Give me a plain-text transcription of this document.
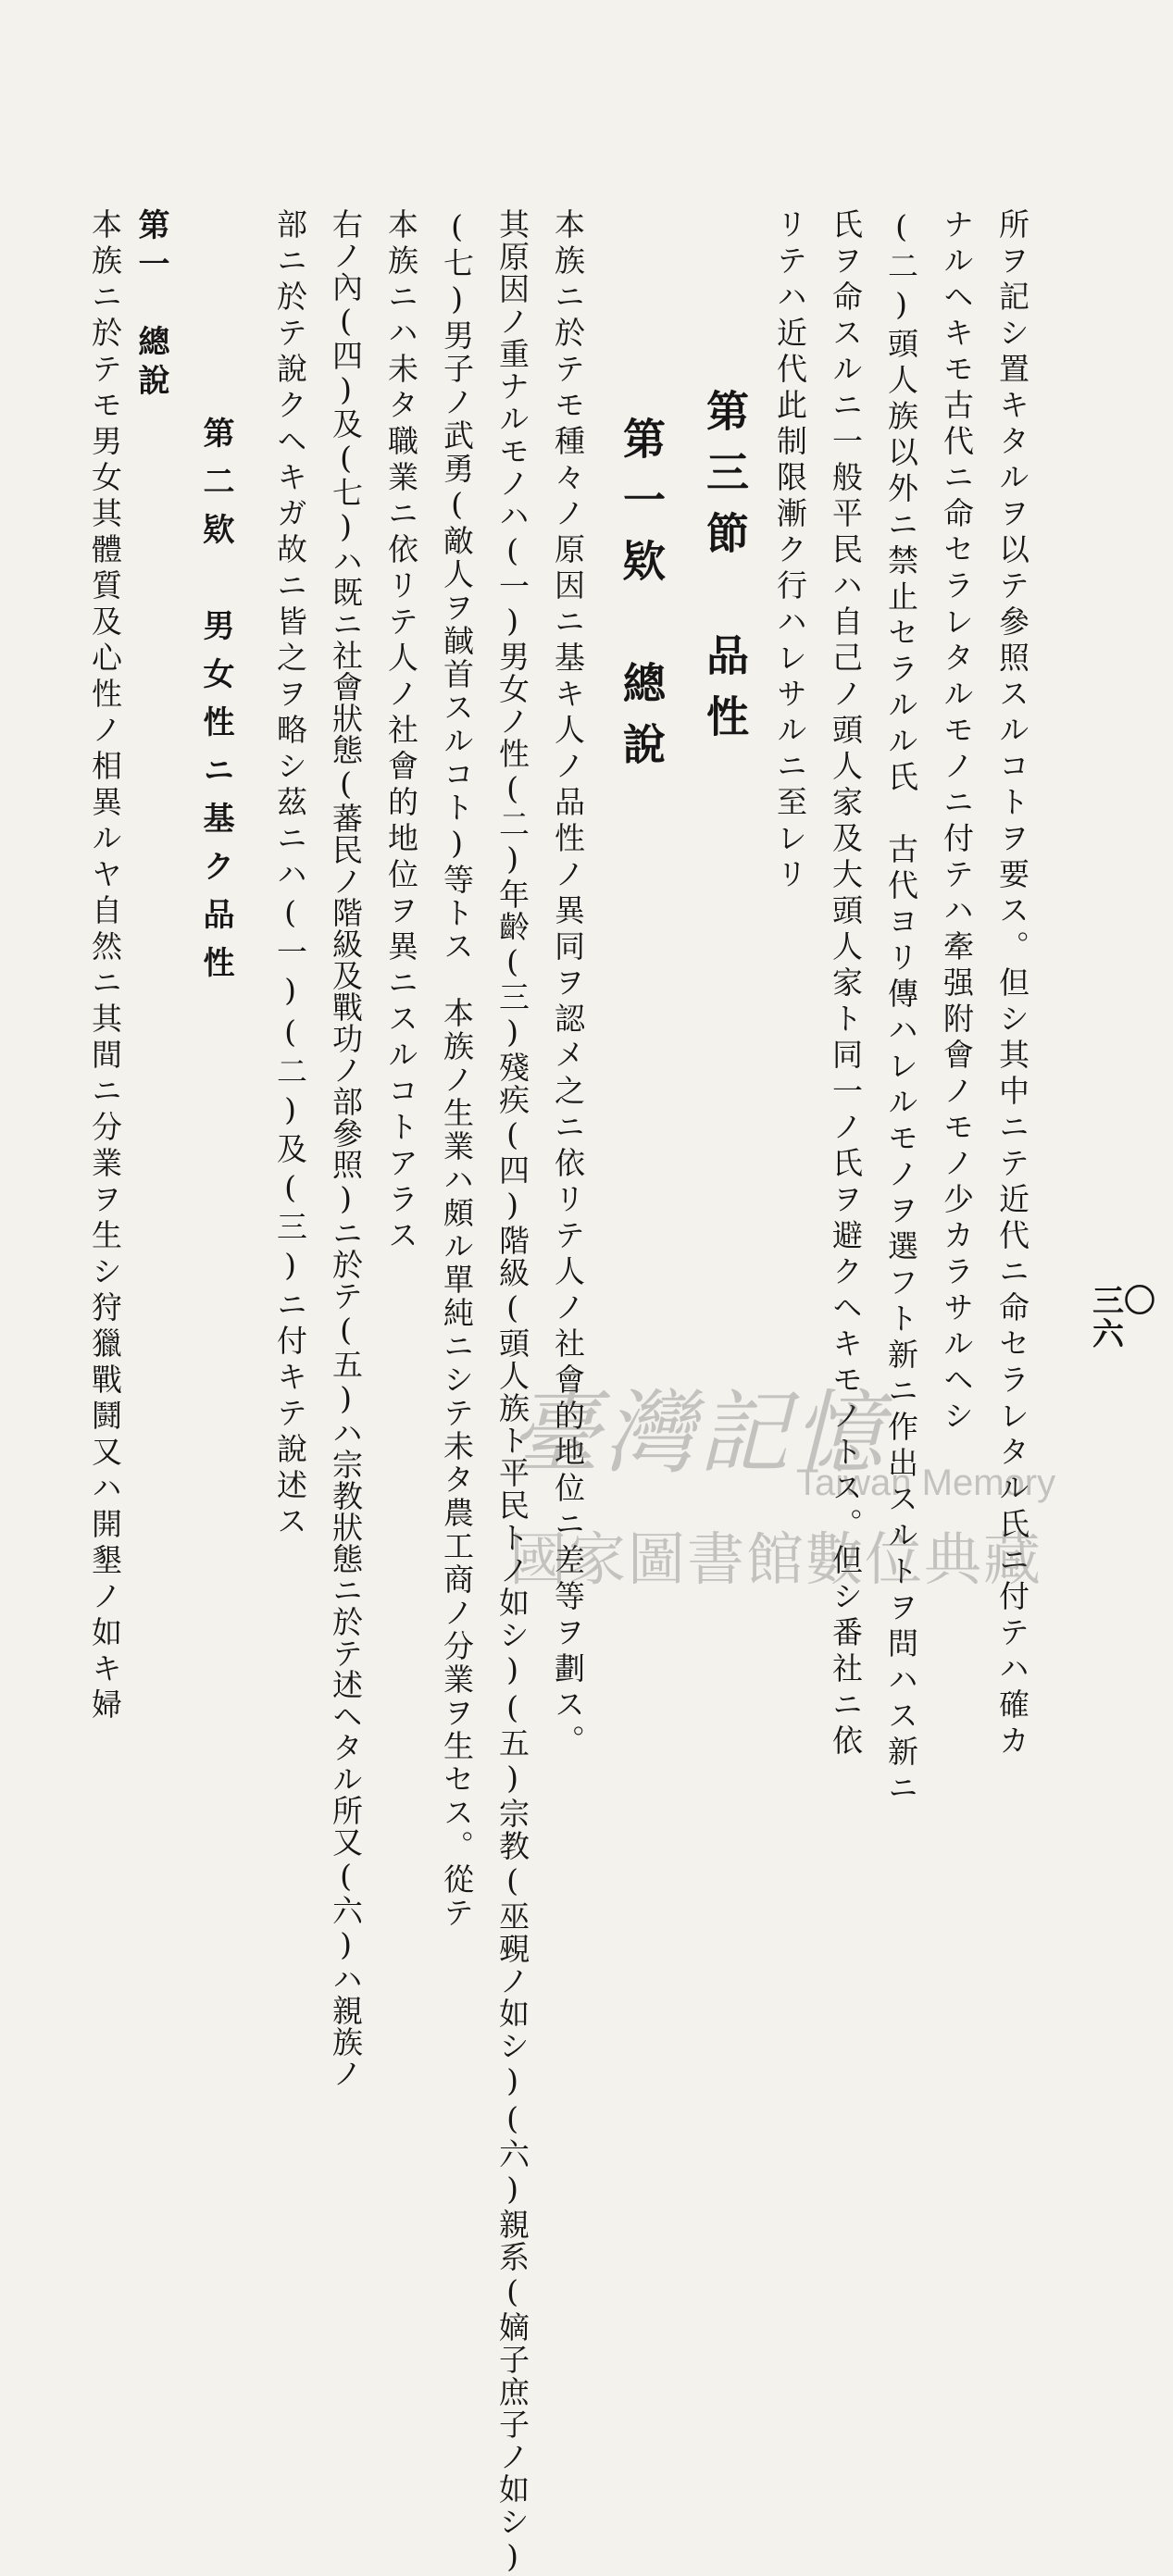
三〇六
所ヲ記シ置キタルヲ以テ參照スルコトヲ要ス。但シ其中ニテ近代ニ命セラレタル氏ニ付テハ確カ
ナルヘキモ古代ニ命セラレタルモノニ付テハ牽强附會ノモノ少カラサルヘシ
(二)頭人族以外ニ禁止セラルル氏　古代ヨリ傳ハレルモノヲ選フト新ニ作出スルトヲ問ハス新ニ
氏ヲ命スルニ一般平民ハ自己ノ頭人家及大頭人家ト同一ノ氏ヲ避クヘキモノトス。但シ番社ニ依
リテハ近代此制限漸ク行ハレサルニ至レリ
第三節　品性
第一欵　總說
本族ニ於テモ種々ノ原因ニ基キ人ノ品性ノ異同ヲ認メ之ニ依リテ人ノ社會的地位ニ差等ヲ劃ス。
其原因ノ重ナルモノハ(一)男女ノ性(二)年齡(三)殘疾(四)階級(頭人族ト平民トノ如シ)(五)宗教(巫覡ノ如シ)(六)親系(嫡子庶子ノ如シ)
(七)男子ノ武勇(敵人ヲ馘首スルコト)等トス　本族ノ生業ハ頗ル單純ニシテ未タ農工商ノ分業ヲ生セス。從テ
本族ニハ未タ職業ニ依リテ人ノ社會的地位ヲ異ニスルコトアラス
右ノ內(四)及(七)ハ既ニ社會狀態(蕃民ノ階級及戰功ノ部參照)ニ於テ(五)ハ宗教狀態ニ於テ述ヘタル所又(六)ハ親族ノ
部ニ於テ說クヘキガ故ニ皆之ヲ略シ茲ニハ(一)(二)及(三)ニ付キテ說述ス
第二欵　男女性ニ基ク品性
第一　總說
本族ニ於テモ男女其體質及心性ノ相異ルヤ自然ニ其間ニ分業ヲ生シ狩獵戰鬪又ハ開墾ノ如キ婦	臺灣記憶
Taiwan Memory
國家圖書館數位典藏
